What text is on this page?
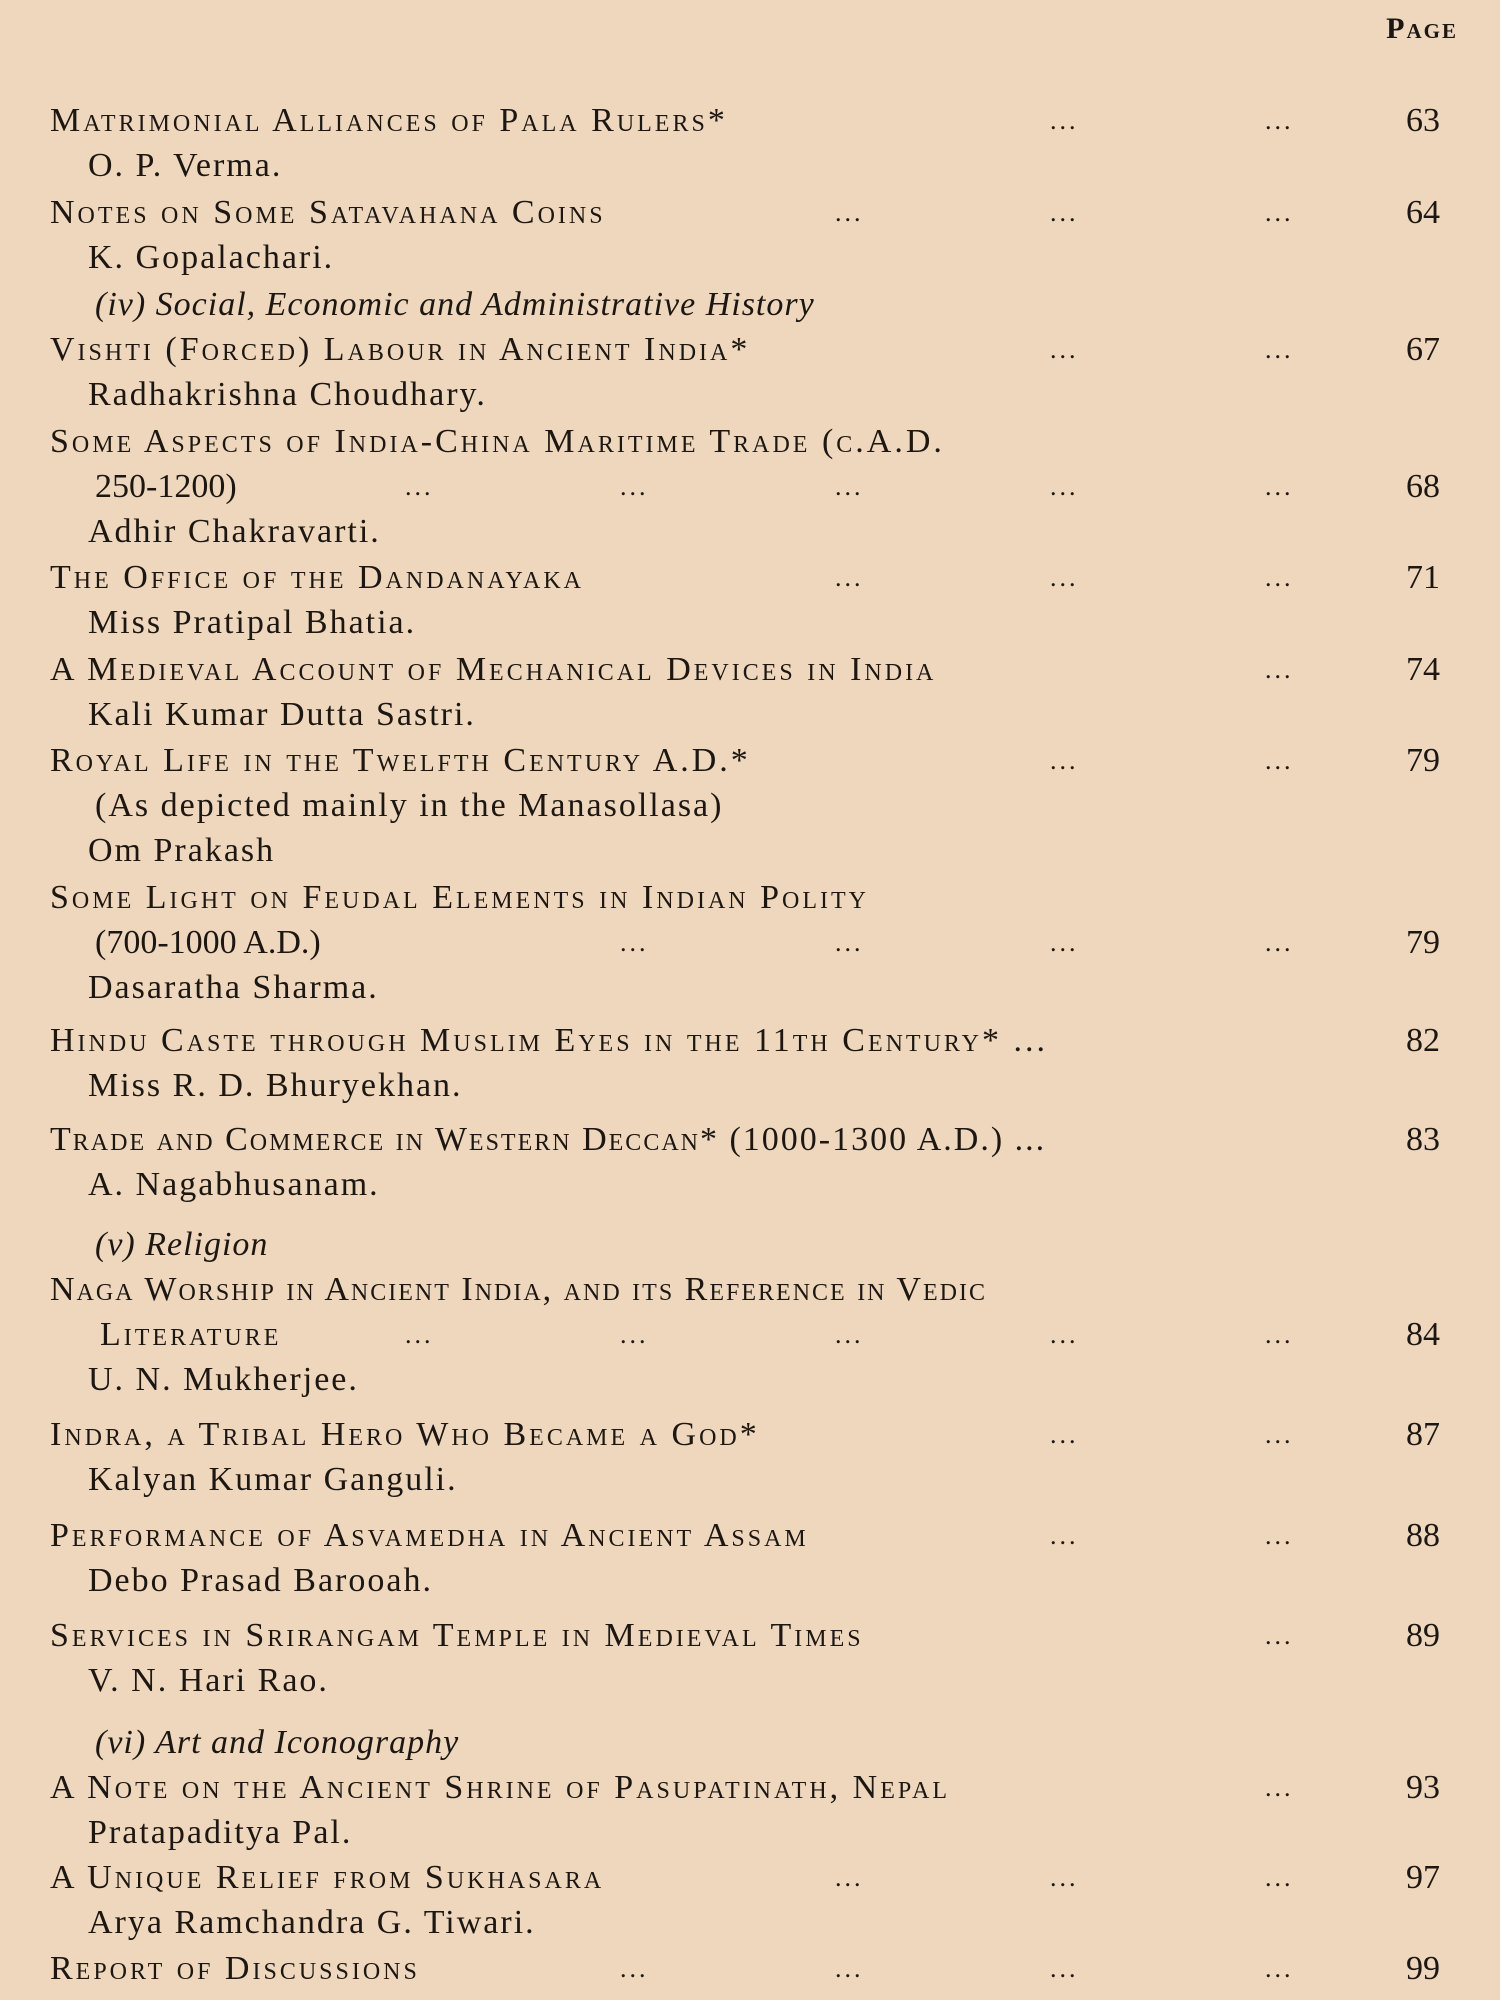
Page
Matrimonial Alliances of Pala Rulers*	...	...	63
O. P. Verma.
Notes on Some Satavahana Coins	...	...	...	64
K. Gopalachari.
(iv) Social, Economic and Administrative History
Vishti (Forced) Labour in Ancient India*	...	...	67
Radhakrishna Choudhary.
Some Aspects of India-China Maritime Trade (c.A.D.
250-1200)	...	...	...	...	...	68
Adhir Chakravarti.
The Office of the Dandanayaka	...	...	...	71
Miss Pratipal Bhatia.
A Medieval Account of Mechanical Devices in India	...	74
Kali Kumar Dutta Sastri.
Royal Life in the Twelfth Century A.D.*	...	...	79
(As depicted mainly in the Manasollasa)
Om Prakash
Some Light on Feudal Elements in Indian Polity
(700-1000 A.D.)	...	...	...	...	79
Dasaratha Sharma.
Hindu Caste through Muslim Eyes in the 11th Century* ...	82
Miss R. D. Bhuryekhan.
Trade and Commerce in Western Deccan* (1000-1300 A.D.) ...	83
A. Nagabhusanam.
(v) Religion
Naga Worship in Ancient India, and its Reference in Vedic
Literature	...	...	...	...	...	84
U. N. Mukherjee.
Indra, a Tribal Hero Who Became a God*	...	...	87
Kalyan Kumar Ganguli.
Performance of Asvamedha in Ancient Assam	...	...	88
Debo Prasad Barooah.
Services in Srirangam Temple in Medieval Times	...	89
V. N. Hari Rao.
(vi) Art and Iconography
A Note on the Ancient Shrine of Pasupatinath, Nepal	...	93
Pratapaditya Pal.
A Unique Relief from Sukhasara	...	...	...	97
Arya Ramchandra G. Tiwari.
Report of Discussions	...	...	...	...	99
